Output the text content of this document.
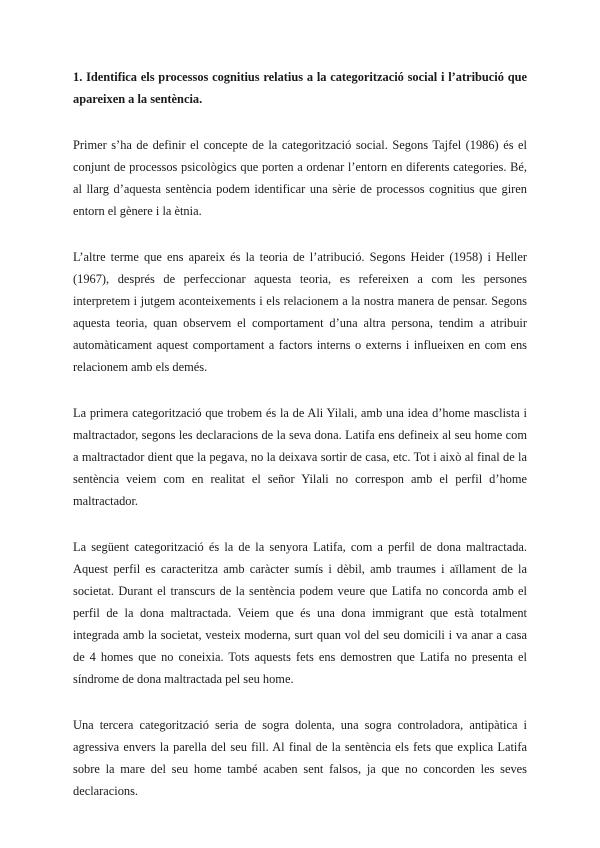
1. Identifica els processos cognitius relatius a la categorització social i l’atribució que apareixen a la sentència.

Primer s’ha de definir el concepte de la categorització social. Segons Tajfel (1986) és el conjunt de processos psicològics que porten a ordenar l’entorn en diferents categories. Bé, al llarg d’aquesta sentència podem identificar una sèrie de processos cognitius que giren entorn el gènere i la ètnia.

L’altre terme que ens apareix és la teoria de l’atribució. Segons Heider (1958) i Heller (1967), després de perfeccionar aquesta teoria, es refereixen a com les persones interpretem i jutgem aconteixements i els relacionem a la nostra manera de pensar. Segons aquesta teoria, quan observem el comportament d’una altra persona, tendim a atribuir automàticament aquest comportament a factors interns o externs i influeixen en com ens relacionem amb els demés.

La primera categorització que trobem és la de Ali Yilali, amb una idea d’home masclista i maltractador, segons les declaracions de la seva dona. Latifa ens defineix al seu home com a maltractador dient que la pegava, no la deixava sortir de casa, etc. Tot i això al final de la sentència veiem com en realitat el señor Yilali no correspon amb el perfil d’home maltractador.

La següent categorització és la de la senyora Latifa, com a perfil de dona maltractada. Aquest perfil es caracteritza amb caràcter sumís i dèbil, amb traumes i aïllament de la societat. Durant el transcurs de la sentència podem veure que Latifa no concorda amb el perfil de la dona maltractada. Veiem que és una dona immigrant que està totalment integrada amb la societat, vesteix moderna, surt quan vol del seu domicili i va anar a casa de 4 homes que no coneixia. Tots aquests fets ens demostren que Latifa no presenta el síndrome de dona maltractada pel seu home.

Una tercera categorització seria de sogra dolenta, una sogra controladora, antipàtica i agressiva envers la parella del seu fill. Al final de la sentència els fets que explica Latifa sobre la mare del seu home també acaben sent falsos, ja que no concorden les seves declaracions.
